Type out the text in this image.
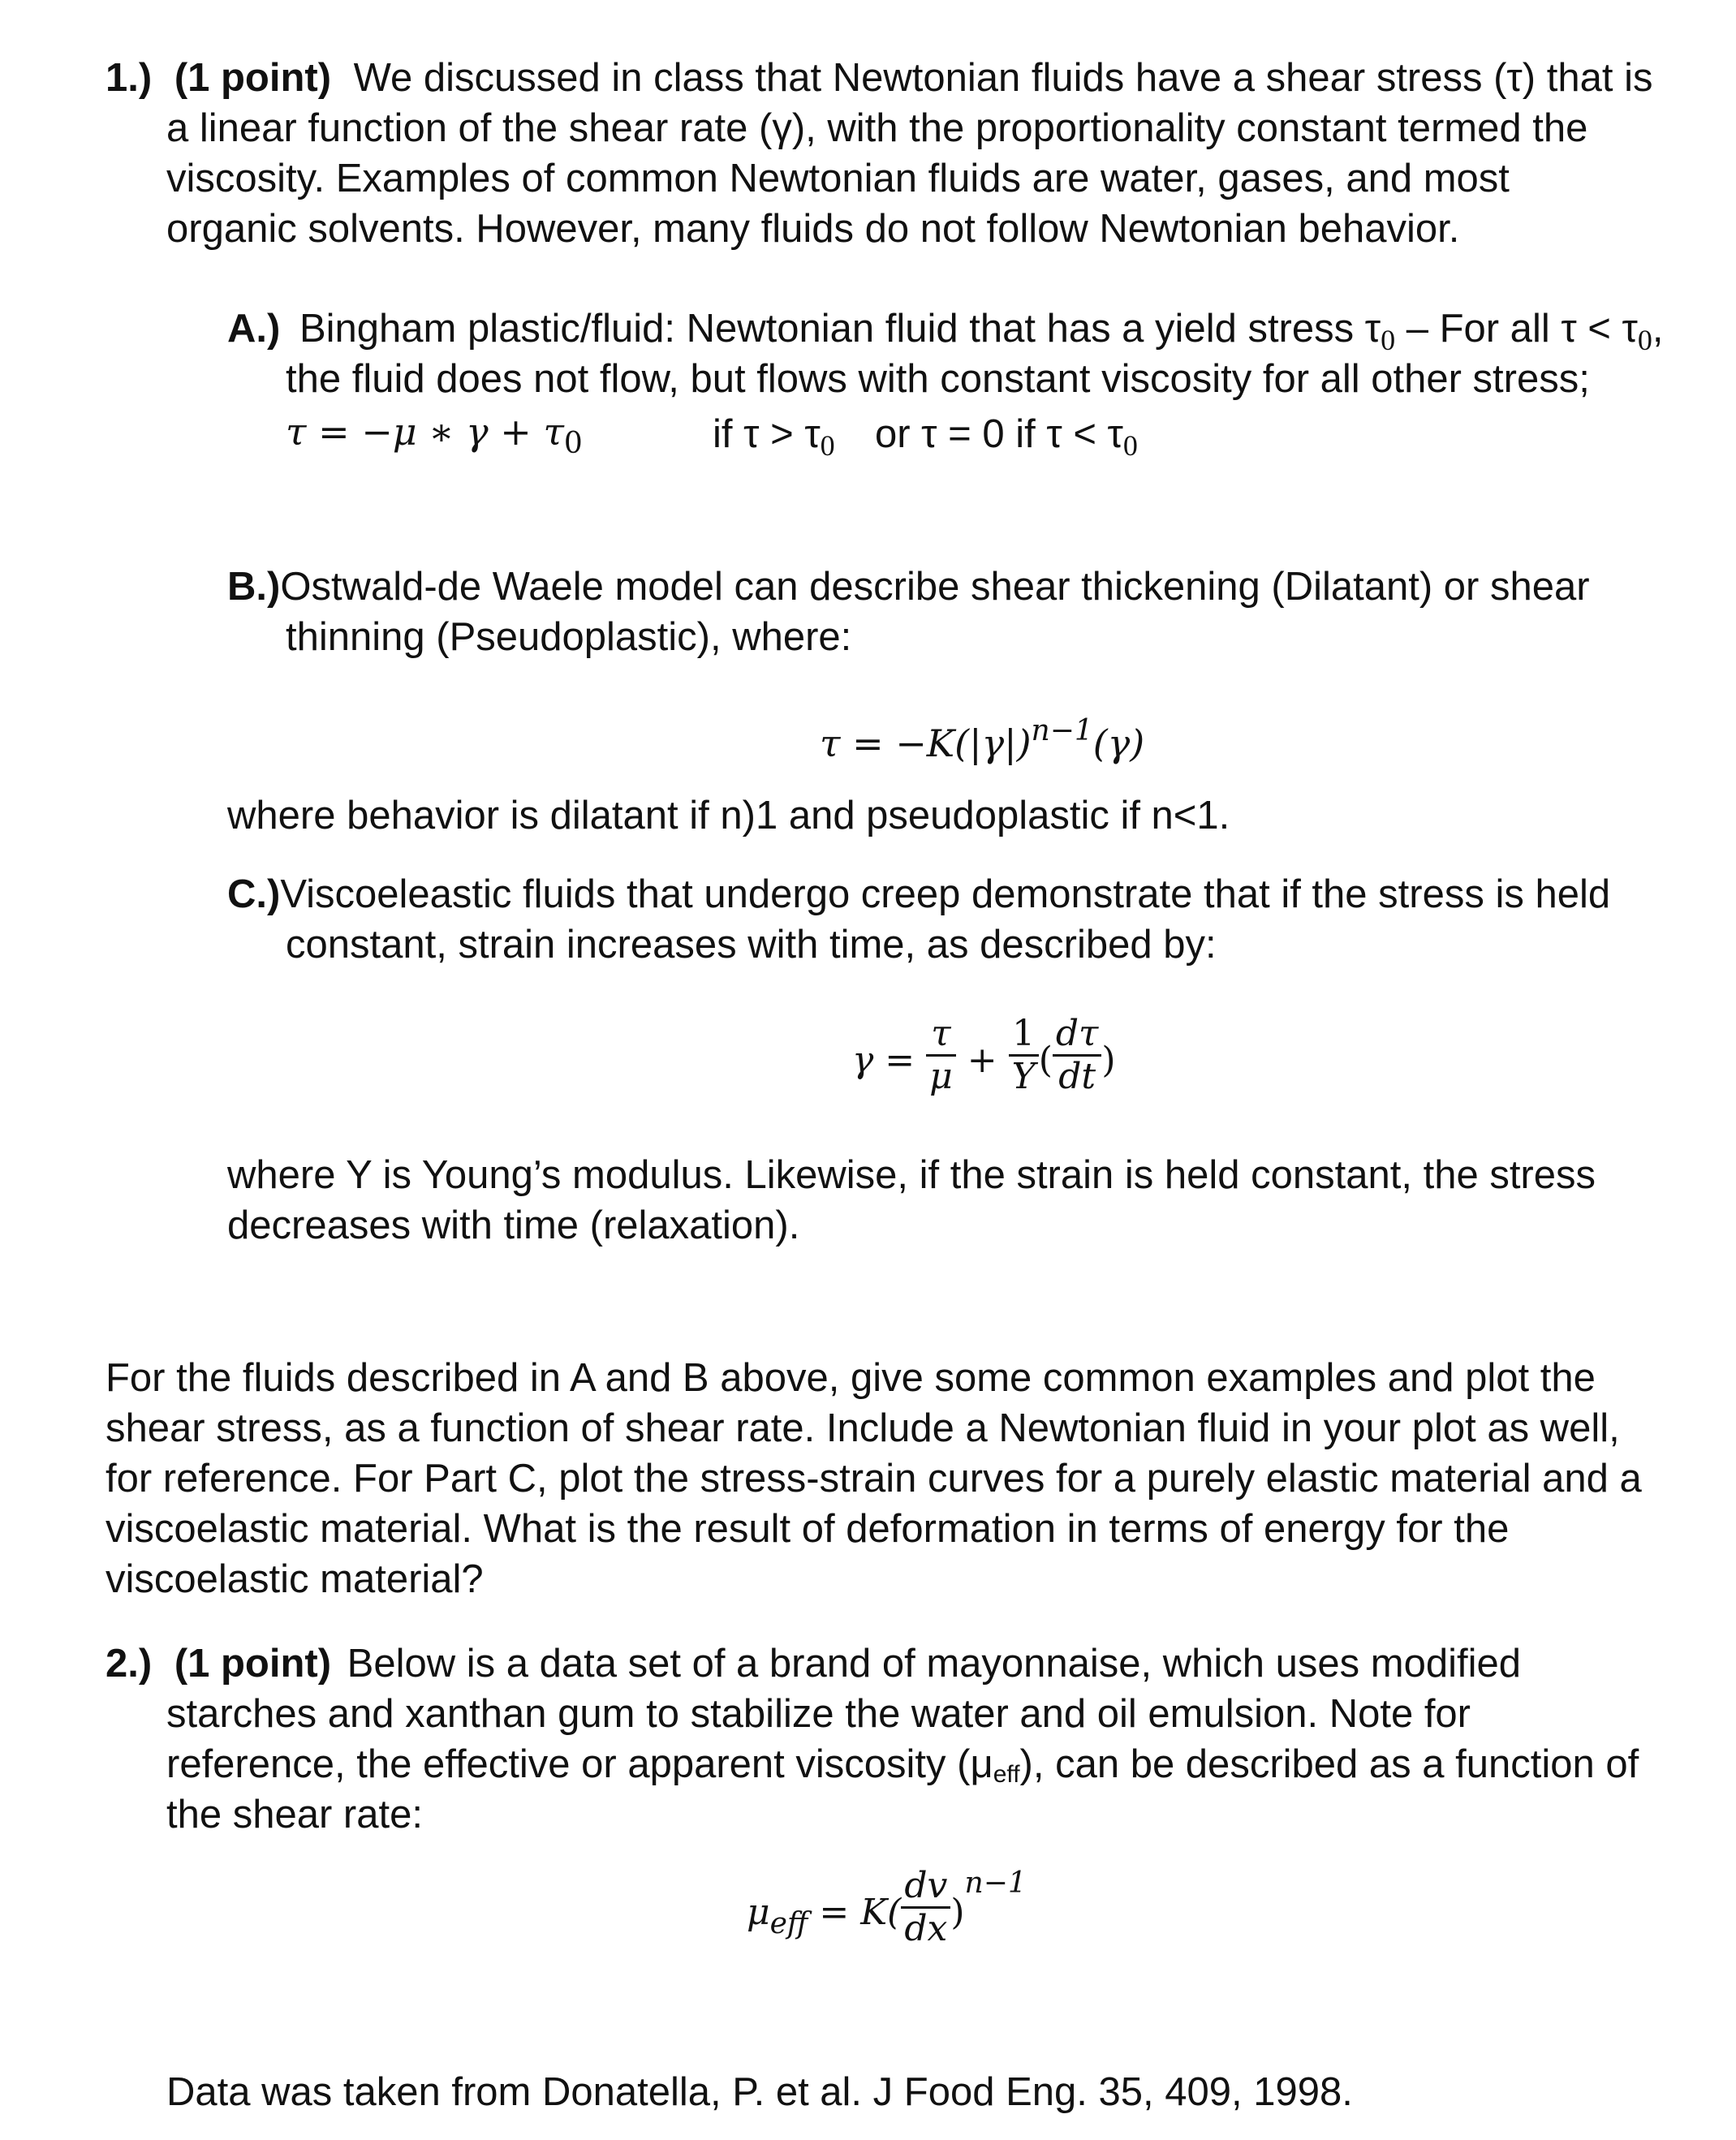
1.) (1 point) We discussed in class that Newtonian fluids have a shear stress (τ) that is
a linear function of the shear rate (γ), with the proportionality constant termed the
viscosity. Examples of common Newtonian fluids are water, gases, and most
organic solvents. However, many fluids do not follow Newtonian behavior.
A.) Bingham plastic/fluid: Newtonian fluid that has a yield stress $\tau_0$ – For all $\tau < \tau_0$,
the fluid does not flow, but flows with constant viscosity for all other stress;
τ = −μ ∗ $\gamma + \tau_0$	if $\tau > \tau_0$ or τ = 0 if $\tau < \tau_0$
B.)Ostwald-de Waele model can describe shear thickening (Dilatant) or shear
thinning (Pseudoplastic), where:
$\tau = -K(|\gamma|)^{n-1}(\gamma)$
where behavior is dilatant if n)1 and pseudoplastic if n<1.
C.)Viscoeleastic fluids that undergo creep demonstrate that if the stress is held
constant, strain increases with time, as described by:
$\gamma = \frac{\tau}{\mu} + \frac{1}{Y}$ ( $\frac{d\tau}{dt}$ )
where Y is Young’s modulus. Likewise, if the strain is held constant, the stress
decreases with time (relaxation).
For the fluids described in A and B above, give some common examples and plot the
shear stress, as a function of shear rate. Include a Newtonian fluid in your plot as well,
for reference. For Part C, plot the stress-strain curves for a purely elastic material and a
viscoelastic material. What is the result of deformation in terms of energy for the
viscoelastic material?
2.) (1 point) Below is a data set of a brand of mayonnaise, which uses modified
starches and xanthan gum to stabilize the water and oil emulsion. Note for
reference, the effective or apparent viscosity $(\mu_{eff})$, can be described as a function of
the shear rate:
$\mu_{eff} = K( \frac{dv}{dx} )^{n-1}$
Data was taken from Donatella, P. et al. J Food Eng. 35, 409, 1998.
